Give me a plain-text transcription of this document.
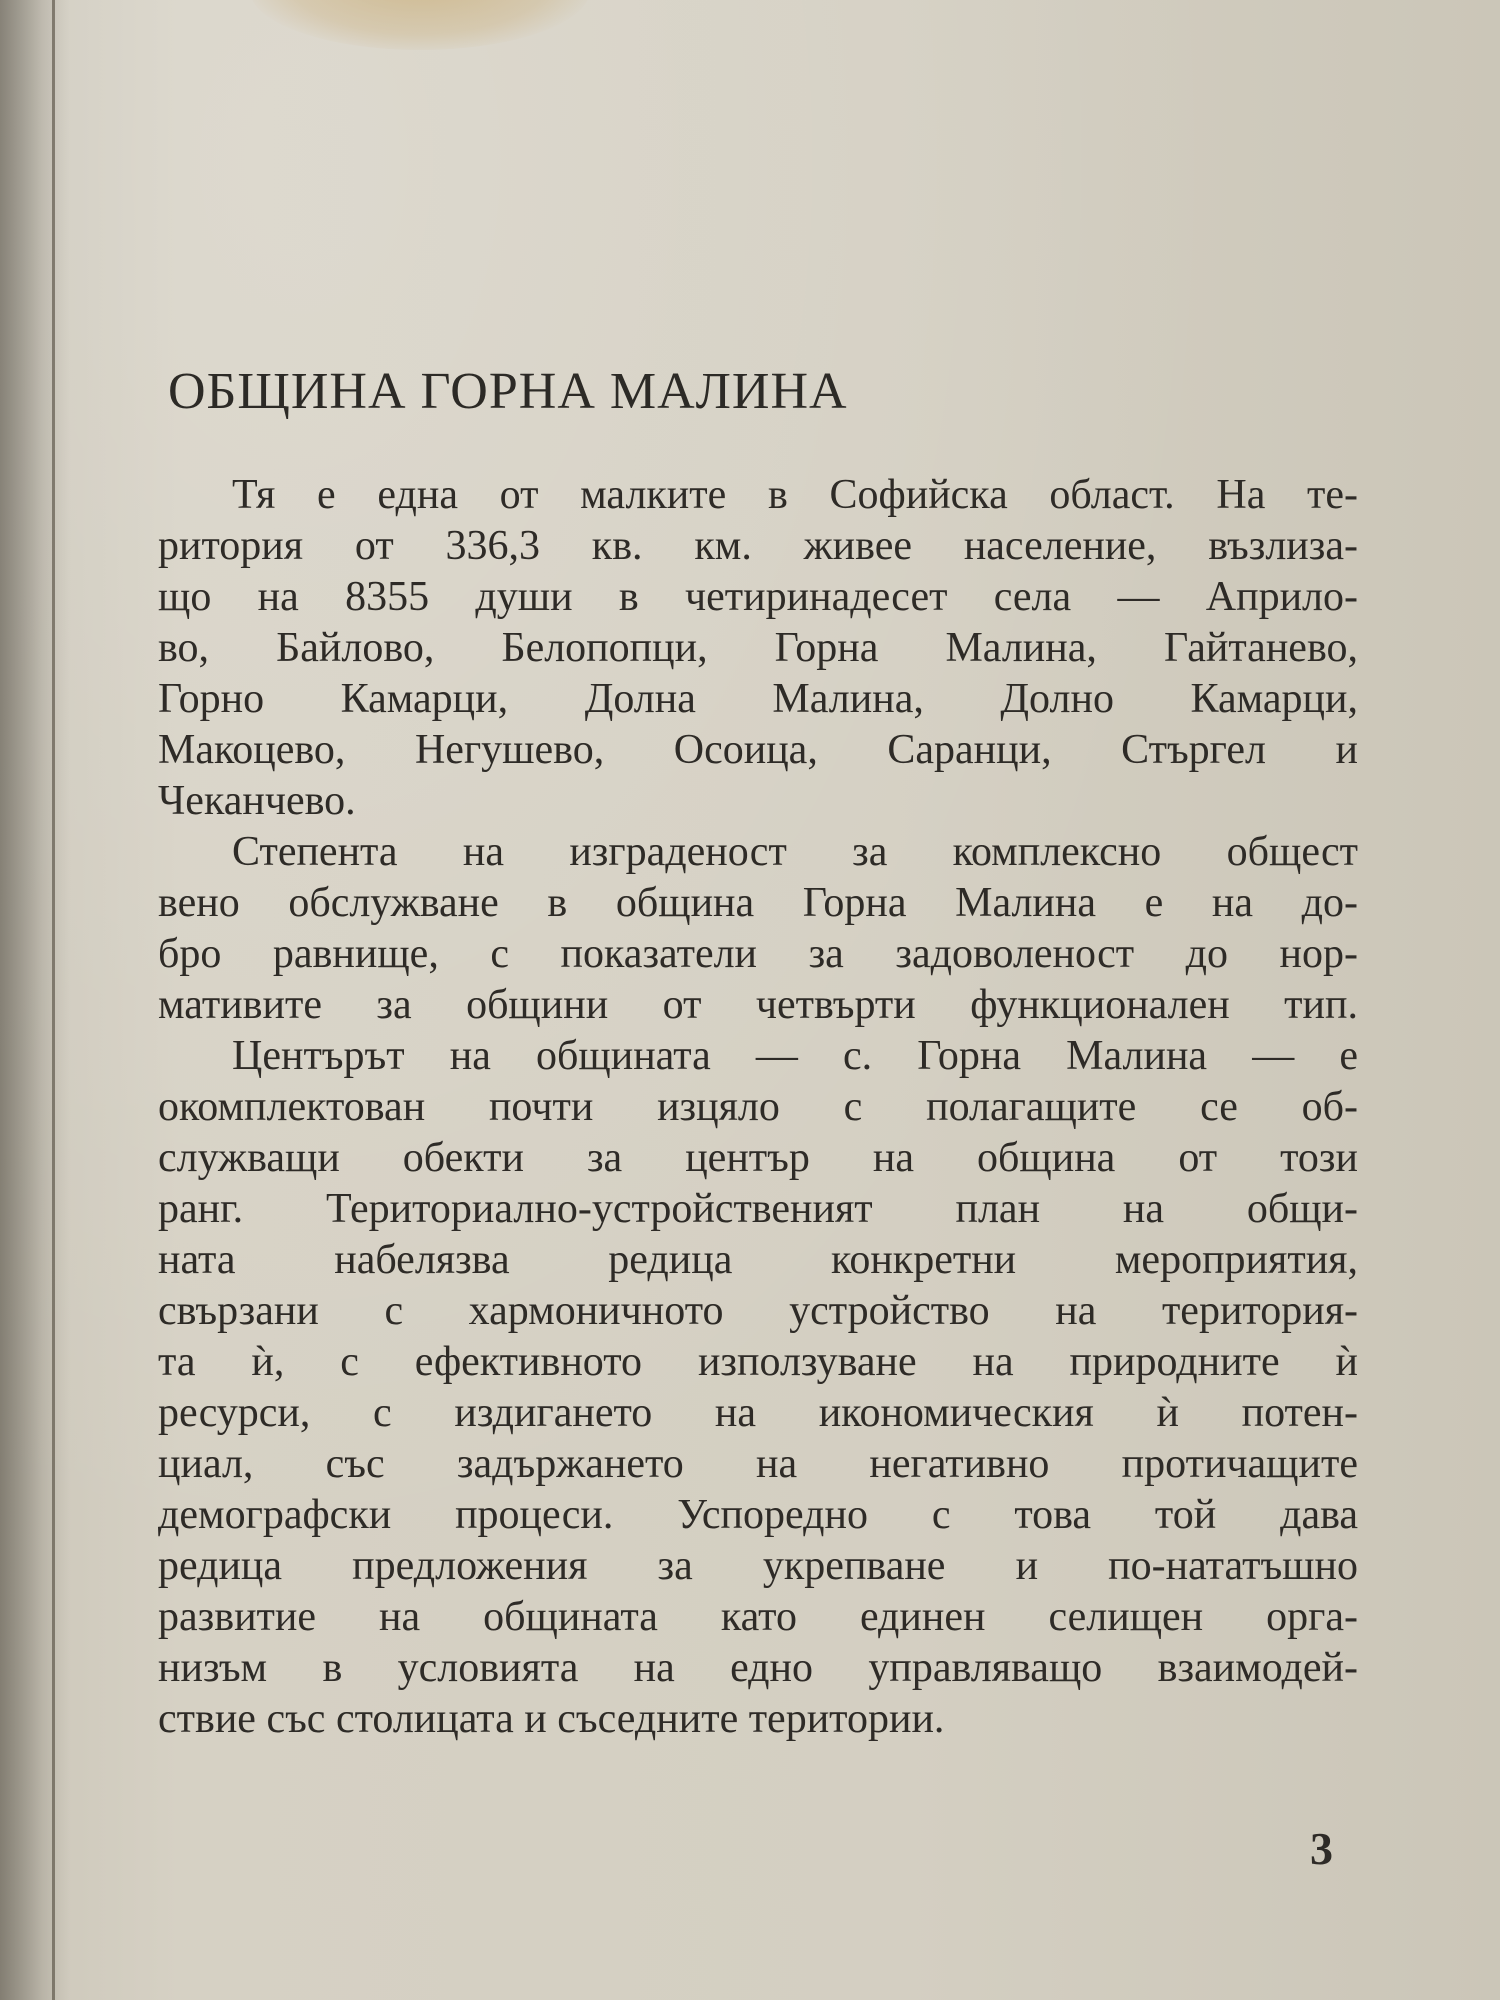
ОБЩИНА ГОРНА МАЛИНА

Тя е една от малките в Софийска област. На те-
ритория от 336,3 кв. км. живее население, възлиза-
що на 8355 души в четиринадесет села — Априло-
во, Байлово, Белопопци, Горна Малина, Гайтанево,
Горно Камарци, Долна Малина, Долно Камарци,
Макоцево, Негушево, Осоица, Саранци, Стъргел и
Чеканчево.

Степента на изграденост за комплексно общест
вено обслужване в община Горна Малина е на до-
бро равнище, с показатели за задоволеност до нор-
мативите за общини от четвърти функционален тип.

Центърът на общината — с. Горна Малина — е
окомплектован почти изцяло с полагащите се об-
служващи обекти за център на община от този
ранг. Териториално-устройственият план на общи-
ната набелязва редица конкретни мероприятия,
свързани с хармоничното устройство на територия-
та ѝ, с ефективното използуване на природните ѝ
ресурси, с издигането на икономическия ѝ потен-
циал, със задържането на негативно протичащите
демографски процеси. Успоредно с това той дава
редица предложения за укрепване и по-нататъшно
развитие на общината като единен селищен орга-
низъм в условията на едно управляващо взаимодей-
ствие със столицата и съседните територии.

3
